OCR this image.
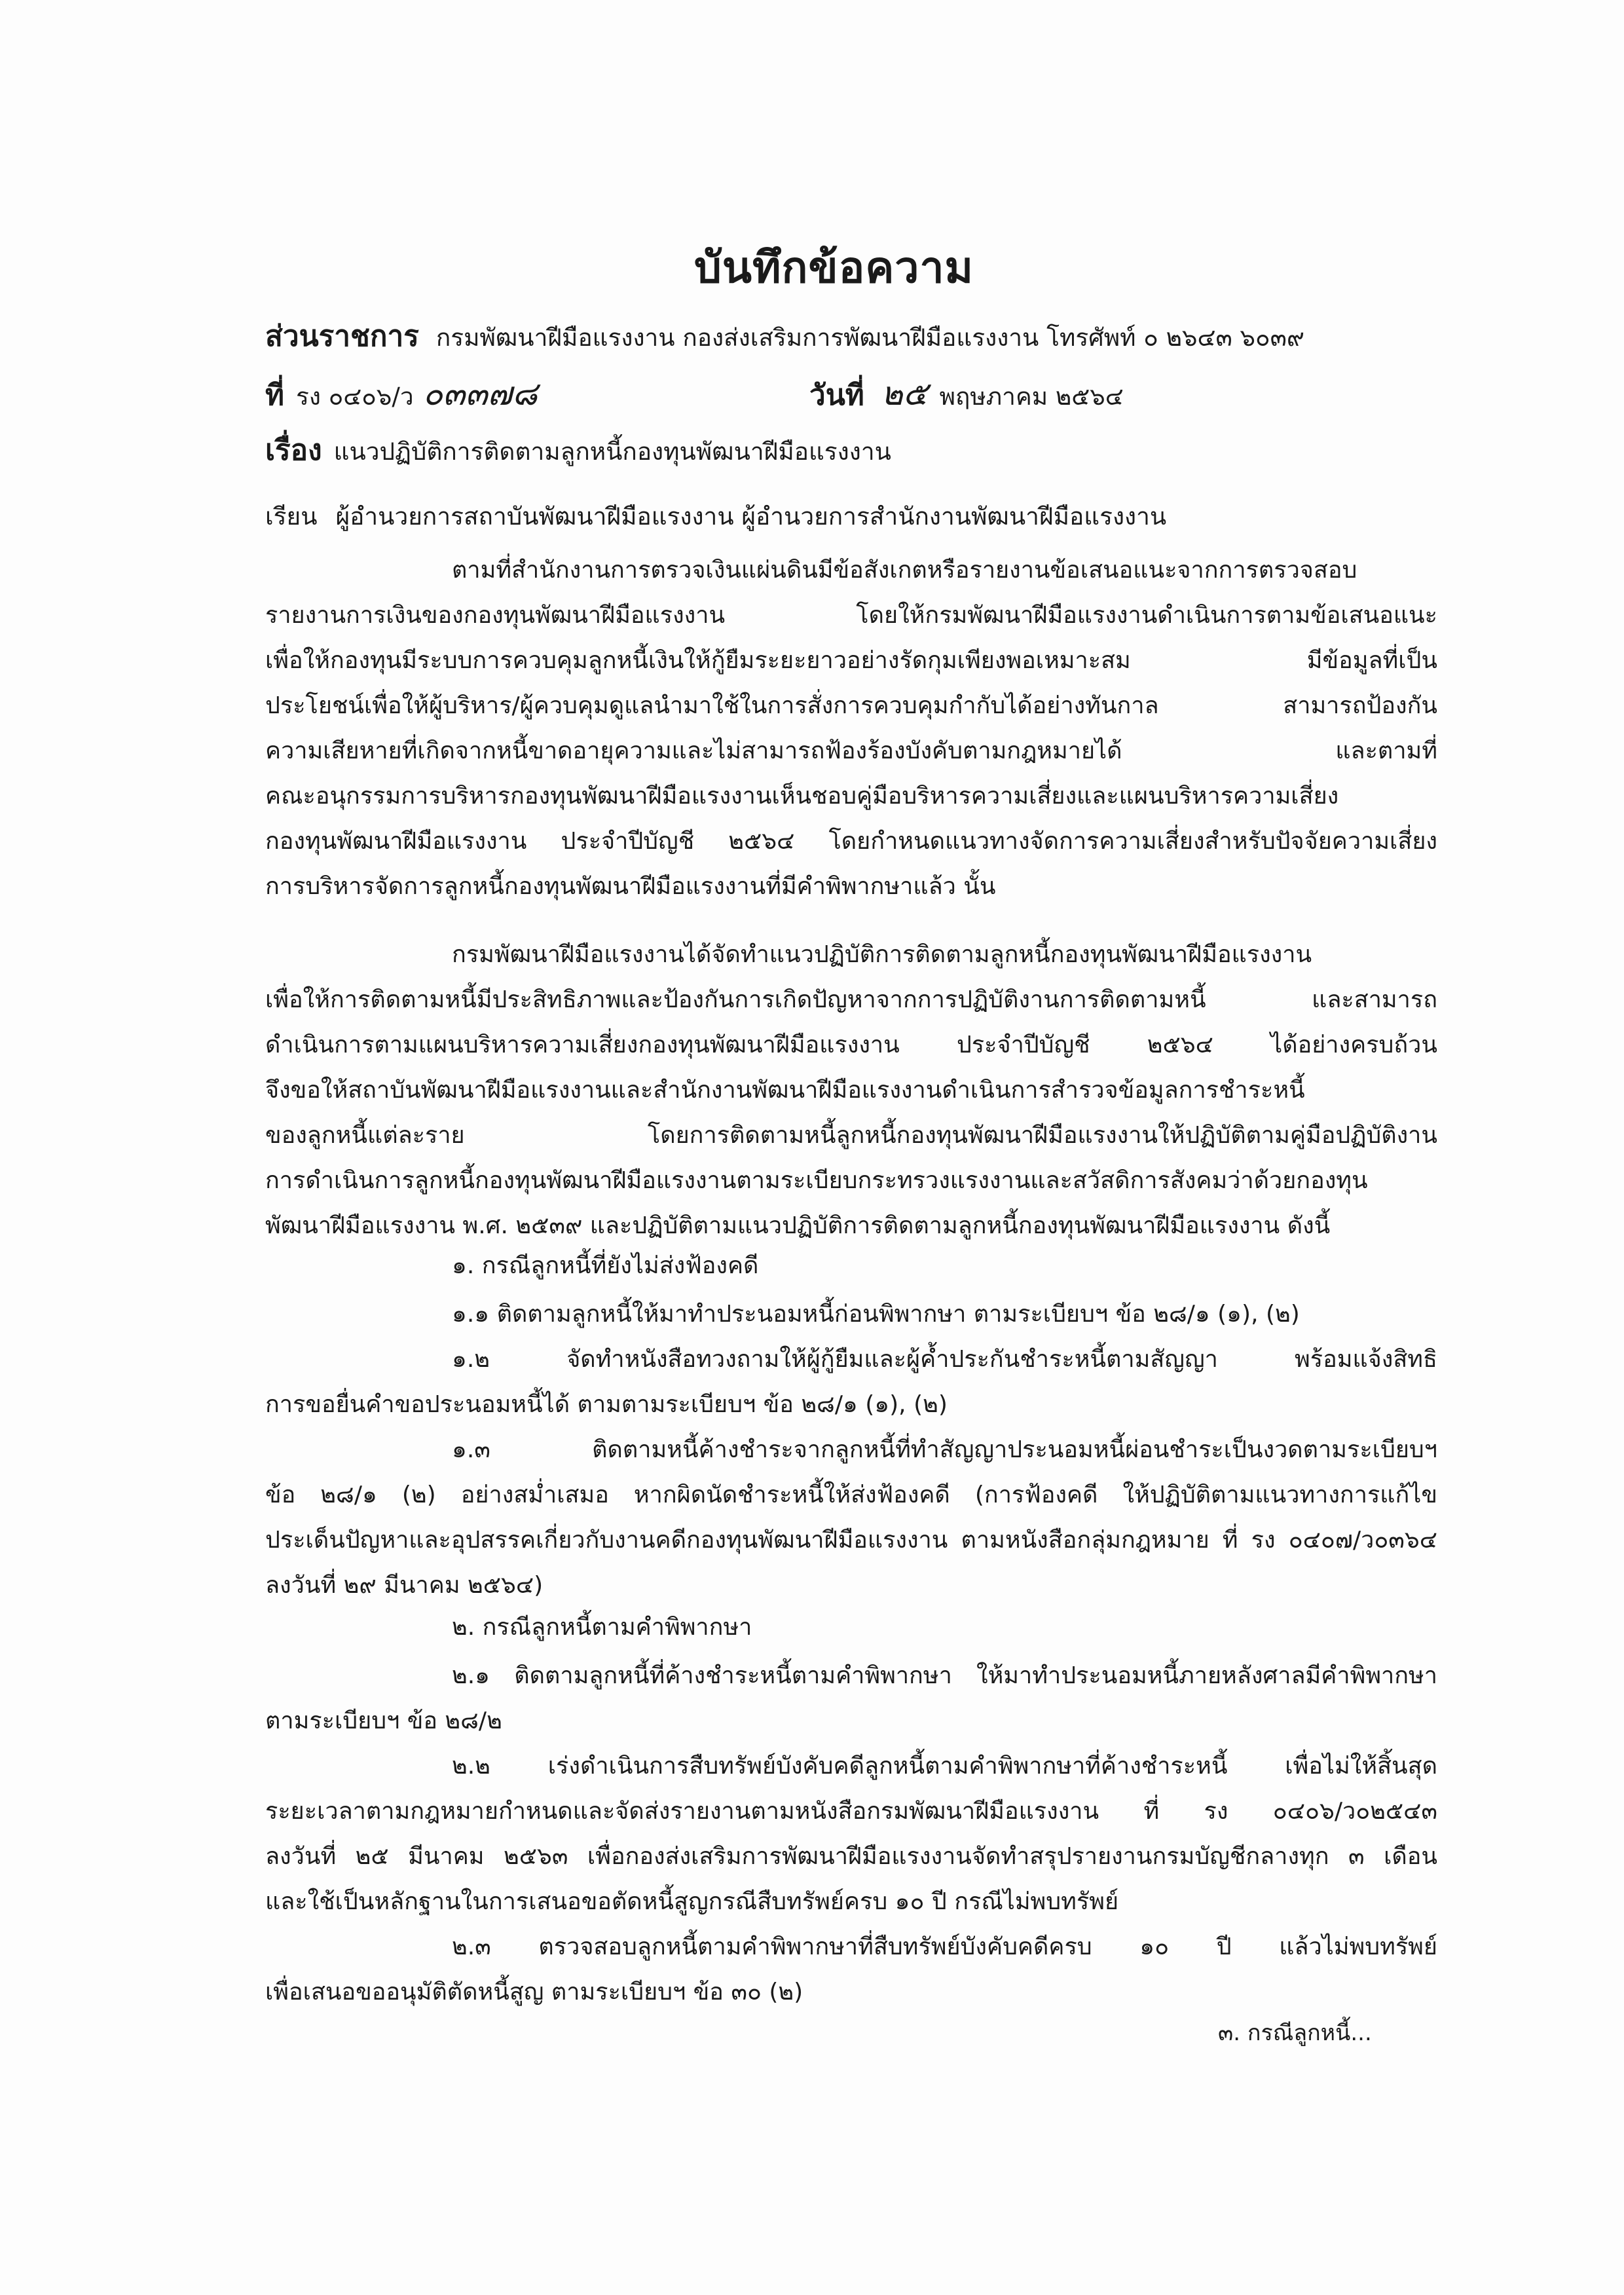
บันทึกข้อความ
ส่วนราชการ กรมพัฒนาฝีมือแรงงาน กองส่งเสริมการพัฒนาฝีมือแรงงาน โทรศัพท์ ๐ ๒๖๔๓ ๖๐๓๙
ที่ รง ๐๔๐๖/ว ๐๓๓๗๘	วันที่ ๒๕ พฤษภาคม ๒๕๖๔
เรื่อง แนวปฏิบัติการติดตามลูกหนี้กองทุนพัฒนาฝีมือแรงงาน
เรียน ผู้อำนวยการสถาบันพัฒนาฝีมือแรงงาน ผู้อำนวยการสำนักงานพัฒนาฝีมือแรงงาน
ตามที่สำนักงานการตรวจเงินแผ่นดินมีข้อสังเกตหรือรายงานข้อเสนอแนะจากการตรวจสอบ
รายงานการเงินของกองทุนพัฒนาฝีมือแรงงาน โดยให้กรมพัฒนาฝีมือแรงงานดำเนินการตามข้อเสนอแนะ
เพื่อให้กองทุนมีระบบการควบคุมลูกหนี้เงินให้กู้ยืมระยะยาวอย่างรัดกุมเพียงพอเหมาะสม มีข้อมูลที่เป็น
ประโยชน์เพื่อให้ผู้บริหาร/ผู้ควบคุมดูแลนำมาใช้ในการสั่งการควบคุมกำกับได้อย่างทันกาล สามารถป้องกัน
ความเสียหายที่เกิดจากหนี้ขาดอายุความและไม่สามารถฟ้องร้องบังคับตามกฎหมายได้ และตามที่
คณะอนุกรรมการบริหารกองทุนพัฒนาฝีมือแรงงานเห็นชอบคู่มือบริหารความเสี่ยงและแผนบริหารความเสี่ยง
กองทุนพัฒนาฝีมือแรงงาน ประจำปีบัญชี ๒๕๖๔ โดยกำหนดแนวทางจัดการความเสี่ยงสำหรับปัจจัยความเสี่ยง
การบริหารจัดการลูกหนี้กองทุนพัฒนาฝีมือแรงงานที่มีคำพิพากษาแล้ว นั้น
กรมพัฒนาฝีมือแรงงานได้จัดทำแนวปฏิบัติการติดตามลูกหนี้กองทุนพัฒนาฝีมือแรงงาน
เพื่อให้การติดตามหนี้มีประสิทธิภาพและป้องกันการเกิดปัญหาจากการปฏิบัติงานการติดตามหนี้ และสามารถ
ดำเนินการตามแผนบริหารความเสี่ยงกองทุนพัฒนาฝีมือแรงงาน ประจำปีบัญชี ๒๕๖๔ ได้อย่างครบถ้วน
จึงขอให้สถาบันพัฒนาฝีมือแรงงานและสำนักงานพัฒนาฝีมือแรงงานดำเนินการสำรวจข้อมูลการชำระหนี้
ของลูกหนี้แต่ละราย โดยการติดตามหนี้ลูกหนี้กองทุนพัฒนาฝีมือแรงงานให้ปฏิบัติตามคู่มือปฏิบัติงาน
การดำเนินการลูกหนี้กองทุนพัฒนาฝีมือแรงงานตามระเบียบกระทรวงแรงงานและสวัสดิการสังคมว่าด้วยกองทุน
พัฒนาฝีมือแรงงาน พ.ศ. ๒๕๓๙ และปฏิบัติตามแนวปฏิบัติการติดตามลูกหนี้กองทุนพัฒนาฝีมือแรงงาน ดังนี้
๑. กรณีลูกหนี้ที่ยังไม่ส่งฟ้องคดี
๑.๑ ติดตามลูกหนี้ให้มาทำประนอมหนี้ก่อนพิพากษา ตามระเบียบฯ ข้อ ๒๘/๑ (๑), (๒)
๑.๒ จัดทำหนังสือทวงถามให้ผู้กู้ยืมและผู้ค้ำประกันชำระหนี้ตามสัญญา พร้อมแจ้งสิทธิ
การขอยื่นคำขอประนอมหนี้ได้ ตามตามระเบียบฯ ข้อ ๒๘/๑ (๑), (๒)
๑.๓ ติดตามหนี้ค้างชำระจากลูกหนี้ที่ทำสัญญาประนอมหนี้ผ่อนชำระเป็นงวดตามระเบียบฯ
ข้อ ๒๘/๑ (๒) อย่างสม่ำเสมอ หากผิดนัดชำระหนี้ให้ส่งฟ้องคดี (การฟ้องคดี ให้ปฏิบัติตามแนวทางการแก้ไข
ประเด็นปัญหาและอุปสรรคเกี่ยวกับงานคดีกองทุนพัฒนาฝีมือแรงงาน ตามหนังสือกลุ่มกฎหมาย ที่ รง ๐๔๐๗/ว๐๓๖๔
ลงวันที่ ๒๙ มีนาคม ๒๕๖๔)
๒. กรณีลูกหนี้ตามคำพิพากษา
๒.๑ ติดตามลูกหนี้ที่ค้างชำระหนี้ตามคำพิพากษา ให้มาทำประนอมหนี้ภายหลังศาลมีคำพิพากษา
ตามระเบียบฯ ข้อ ๒๘/๒
๒.๒ เร่งดำเนินการสืบทรัพย์บังคับคดีลูกหนี้ตามคำพิพากษาที่ค้างชำระหนี้ เพื่อไม่ให้สิ้นสุด
ระยะเวลาตามกฎหมายกำหนดและจัดส่งรายงานตามหนังสือกรมพัฒนาฝีมือแรงงาน ที่ รง ๐๔๐๖/ว๐๒๕๔๓
ลงวันที่ ๒๕ มีนาคม ๒๕๖๓ เพื่อกองส่งเสริมการพัฒนาฝีมือแรงงานจัดทำสรุปรายงานกรมบัญชีกลางทุก ๓ เดือน
และใช้เป็นหลักฐานในการเสนอขอตัดหนี้สูญกรณีสืบทรัพย์ครบ ๑๐ ปี กรณีไม่พบทรัพย์
๒.๓ ตรวจสอบลูกหนี้ตามคำพิพากษาที่สืบทรัพย์บังคับคดีครบ ๑๐ ปี แล้วไม่พบทรัพย์
เพื่อเสนอขออนุมัติตัดหนี้สูญ ตามระเบียบฯ ข้อ ๓๐ (๒)
๓. กรณีลูกหนี้...
